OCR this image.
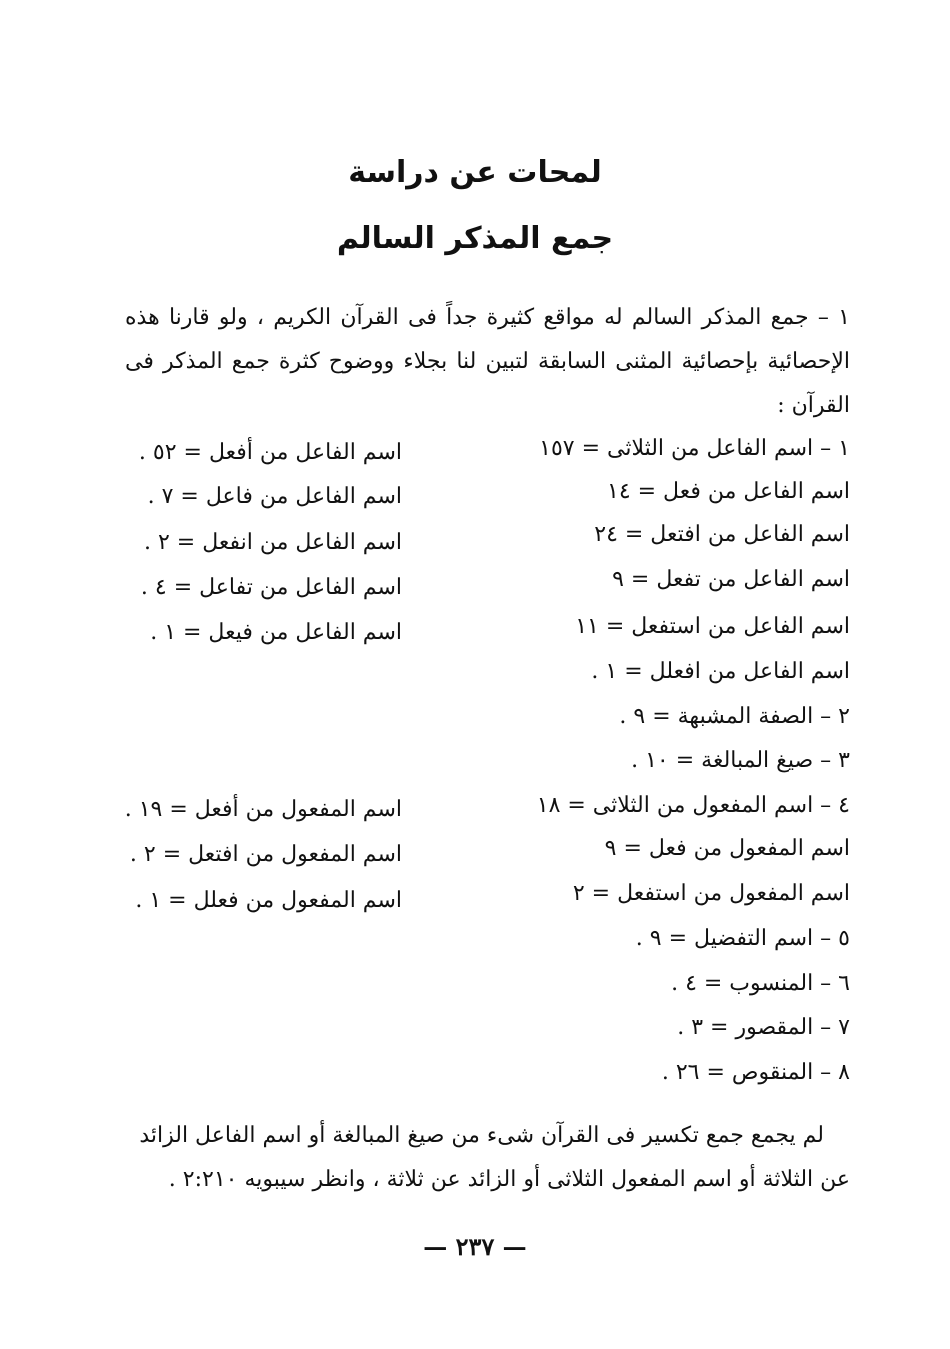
لمحات عن دراسة
جمع المذكر السالم
١ – جمع المذكر السالم له مواقع كثيرة جداً فى القرآن الكريم ، ولو قارنا هذه الإحصائية بإحصائية المثنى السابقة لتبين لنا بجلاء ووضوح كثرة جمع المذكر فى القرآن :
١ – اسم الفاعل من الثلاثى = ١٥٧
اسم الفاعل من فعل = ١٤
اسم الفاعل من افتعل = ٢٤
اسم الفاعل من تفعل = ٩
اسم الفاعل من استفعل = ١١
اسم الفاعل من افعلل = ١ .
٢ – الصفة المشبهة = ٩ .
٣ – صيغ المبالغة = ١٠ .
٤ – اسم المفعول من الثلاثى = ١٨
اسم المفعول من فعل = ٩
اسم المفعول من استفعل = ٢
٥ – اسم التفضيل = ٩ .
٦ – المنسوب = ٤ .
٧ – المقصور = ٣ .
٨ – المنقوص = ٢٦ .
اسم الفاعل من أفعل = ٥٢ .
اسم الفاعل من فاعل = ٧ .
اسم الفاعل من انفعل = ٢ .
اسم الفاعل من تفاعل = ٤ .
اسم الفاعل من فيعل = ١ .
اسم المفعول من أفعل = ١٩ .
اسم المفعول من افتعل = ٢ .
اسم المفعول من فعلل = ١ .
لم يجمع جمع تكسير فى القرآن شىء من صيغ المبالغة أو اسم الفاعل الزائد
عن الثلاثة أو اسم المفعول الثلاثى أو الزائد عن ثلاثة ، وانظر سيبويه ٢:٢١٠ .
— ٢٣٧ —
